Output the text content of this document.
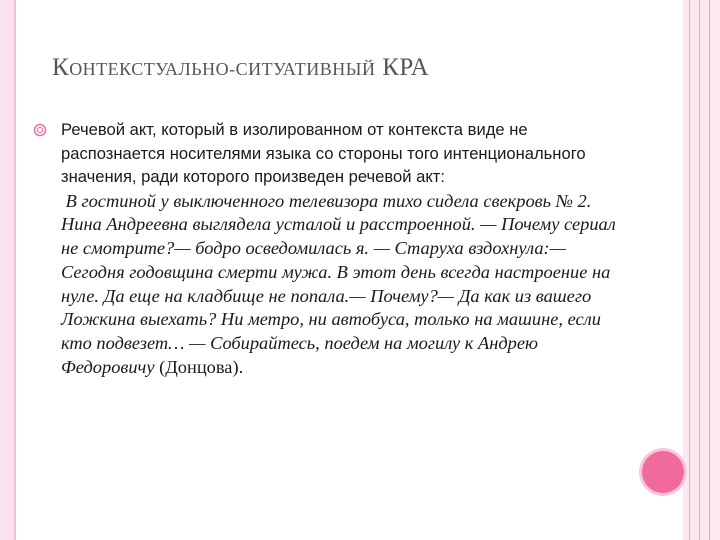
КОНТЕКСТУАЛЬНО-СИТУАТИВНЫЙ КРА
Речевой акт, который в изолированном от контекста виде не распознается носителями языка со стороны того интенционального значения, ради которого произведен речевой акт:
В гостиной у выключенного телевизора тихо сидела свекровь № 2. Нина Андреевна выглядела усталой и расстроенной. — Почему сериал не смотрите?— бодро осведомилась я. — Старуха вздохнула:— Сегодня годовщина смерти мужа. В этот день всегда настроение на нуле. Да еще на кладбище не попала.— Почему?— Да как из вашего Ложкина выехать? Ни метро, ни автобуса, только на машине, если кто подвезет… — Собирайтесь, поедем на могилу к Андрею Федоровичу (Донцова).
